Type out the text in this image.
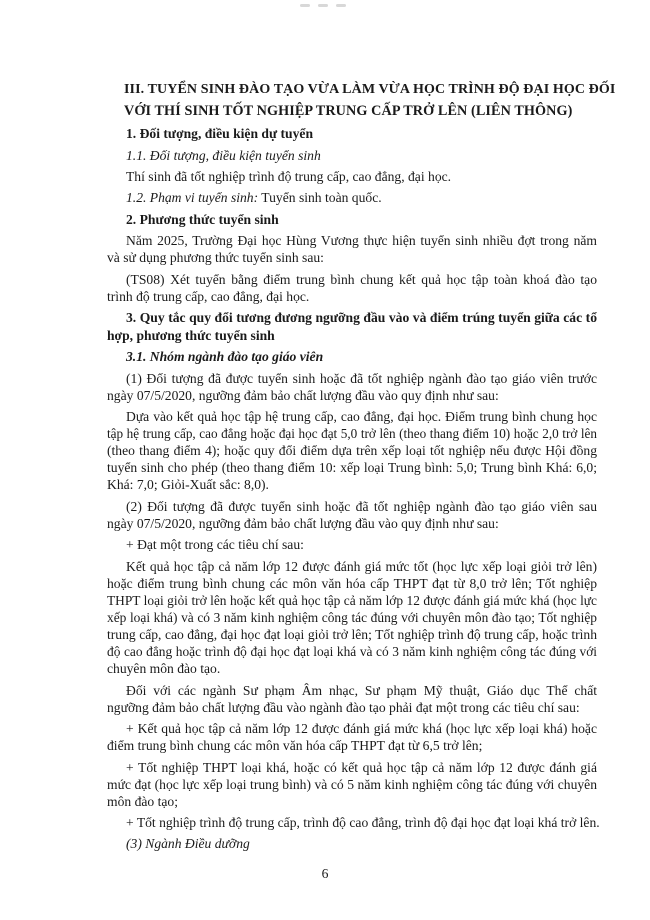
III. TUYỂN SINH ĐÀO TẠO VỪA LÀM VỪA HỌC TRÌNH ĐỘ ĐẠI HỌC ĐỐI
VỚI THÍ SINH TỐT NGHIỆP TRUNG CẤP TRỞ LÊN (LIÊN THÔNG)
1. Đối tượng, điều kiện dự tuyển
1.1. Đối tượng, điều kiện tuyển sinh
Thí sinh đã tốt nghiệp trình độ trung cấp, cao đẳng, đại học.
1.2. Phạm vi tuyển sinh: Tuyển sinh toàn quốc.
2. Phương thức tuyển sinh
Năm 2025, Trường Đại học Hùng Vương thực hiện tuyển sinh nhiều đợt trong năm
và sử dụng phương thức tuyển sinh sau:
(TS08) Xét tuyển bằng điểm trung bình chung kết quả học tập toàn khoá đào tạo
trình độ trung cấp, cao đẳng, đại học.
3. Quy tắc quy đổi tương đương ngưỡng đầu vào và điểm trúng tuyển giữa các tổ
hợp, phương thức tuyển sinh
3.1. Nhóm ngành đào tạo giáo viên
(1) Đối tượng đã được tuyển sinh hoặc đã tốt nghiệp ngành đào tạo giáo viên trước
ngày 07/5/2020, ngưỡng đảm bảo chất lượng đầu vào quy định như sau:
Dựa vào kết quả học tập hệ trung cấp, cao đẳng, đại học. Điểm trung bình chung học
tập hệ trung cấp, cao đẳng hoặc đại học đạt 5,0 trở lên (theo thang điểm 10) hoặc 2,0 trở lên
(theo thang điểm 4); hoặc quy đổi điểm dựa trên xếp loại tốt nghiệp nếu được Hội đồng
tuyển sinh cho phép (theo thang điểm 10: xếp loại Trung bình: 5,0; Trung bình Khá: 6,0;
Khá: 7,0; Giỏi-Xuất sắc: 8,0).
(2) Đối tượng đã được tuyển sinh hoặc đã tốt nghiệp ngành đào tạo giáo viên sau
ngày 07/5/2020, ngưỡng đảm bảo chất lượng đầu vào quy định như sau:
+ Đạt một trong các tiêu chí sau:
Kết quả học tập cả năm lớp 12 được đánh giá mức tốt (học lực xếp loại giỏi trở lên)
hoặc điểm trung bình chung các môn văn hóa cấp THPT đạt từ 8,0 trở lên; Tốt nghiệp
THPT loại giỏi trở lên hoặc kết quả học tập cả năm lớp 12 được đánh giá mức khá (học lực
xếp loại khá) và có 3 năm kinh nghiệm công tác đúng với chuyên môn đào tạo; Tốt nghiệp
trung cấp, cao đẳng, đại học đạt loại giỏi trở lên; Tốt nghiệp trình độ trung cấp, hoặc trình
độ cao đẳng hoặc trình độ đại học đạt loại khá và có 3 năm kinh nghiệm công tác đúng với
chuyên môn đào tạo.
Đối với các ngành Sư phạm Âm nhạc, Sư phạm Mỹ thuật, Giáo dục Thể chất
ngưỡng đảm bảo chất lượng đầu vào ngành đào tạo phải đạt một trong các tiêu chí sau:
+ Kết quả học tập cả năm lớp 12 được đánh giá mức khá (học lực xếp loại khá) hoặc
điểm trung bình chung các môn văn hóa cấp THPT đạt từ 6,5 trở lên;
+ Tốt nghiệp THPT loại khá, hoặc có kết quả học tập cả năm lớp 12 được đánh giá
mức đạt (học lực xếp loại trung bình) và có 5 năm kinh nghiệm công tác đúng với chuyên
môn đào tạo;
+ Tốt nghiệp trình độ trung cấp, trình độ cao đẳng, trình độ đại học đạt loại khá trở lên.
(3) Ngành Điều dưỡng
6
